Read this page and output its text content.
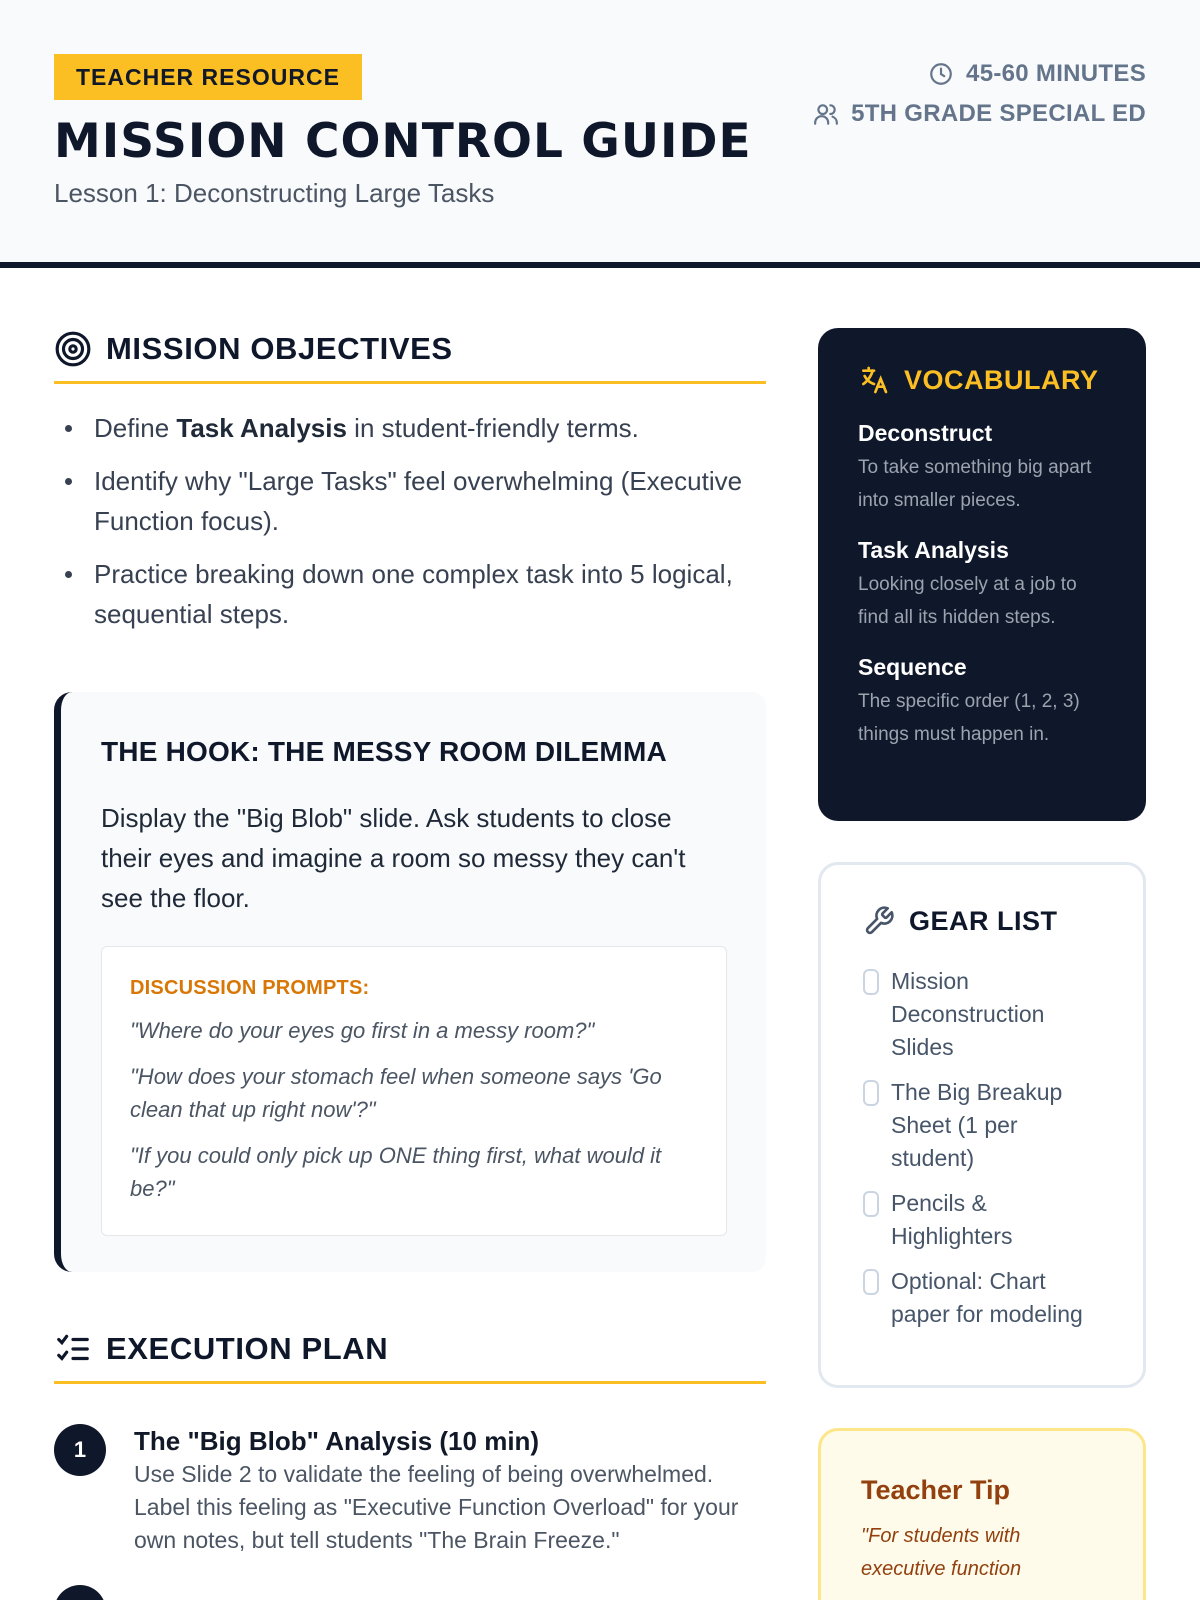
TEACHER RESOURCE
MISSION CONTROL GUIDE
Lesson 1: Deconstructing Large Tasks
45-60 MINUTES
5TH GRADE SPECIAL ED
MISSION OBJECTIVES
Define Task Analysis in student-friendly terms.
Identify why "Large Tasks" feel overwhelming (Executive Function focus).
Practice breaking down one complex task into 5 logical, sequential steps.
THE HOOK: THE MESSY ROOM DILEMMA

Display the "Big Blob" slide. Ask students to close their eyes and imagine a room so messy they can't see the floor.

DISCUSSION PROMPTS:
"Where do your eyes go first in a messy room?"
"How does your stomach feel when someone says 'Go clean that up right now'?"
"If you could only pick up ONE thing first, what would it be?"
EXECUTION PLAN
1	The "Big Blob" Analysis (10 min)
Use Slide 2 to validate the feeling of being overwhelmed. Label this feeling as "Executive Function Overload" for your own notes, but tell students "The Brain Freeze."
VOCABULARY
Deconstruct
To take something big apart into smaller pieces.
Task Analysis
Looking closely at a job to find all its hidden steps.
Sequence
The specific order (1, 2, 3) things must happen in.
GEAR LIST
Mission Deconstruction Slides
The Big Breakup Sheet (1 per student)
Pencils & Highlighters
Optional: Chart paper for modeling
Teacher Tip
"For students with executive function
